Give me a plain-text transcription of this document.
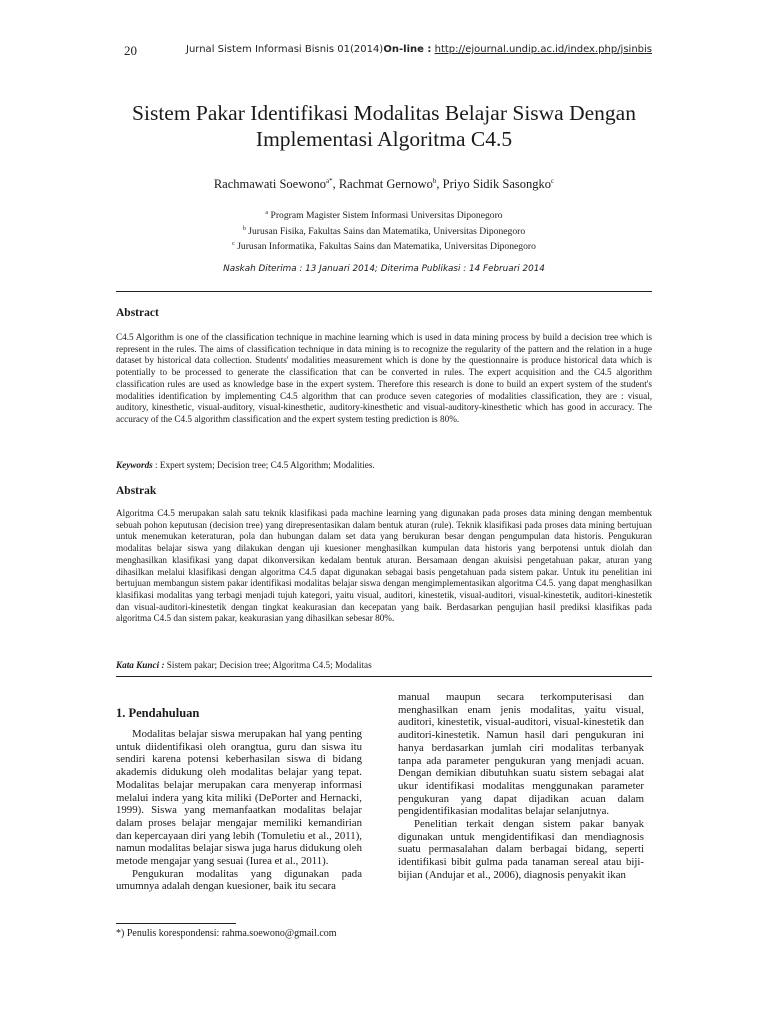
20	Jurnal Sistem Informasi Bisnis 01(2014) On-line : http://ejournal.undip.ac.id/index.php/jsinbis
Sistem Pakar Identifikasi Modalitas Belajar Siswa Dengan
Implementasi Algoritma C4.5
Rachmawati Soewono$^{a*}$, Rachmat Gernowo$^b$, Priyo Sidik Sasongko$^c$
$^a$ Program Magister Sistem Informasi Universitas Diponegoro
$^b$ Jurusan Fisika, Fakultas Sains dan Matematika, Universitas Diponegoro
$^c$ Jurusan Informatika, Fakultas Sains dan Matematika, Universitas Diponegoro
Naskah Diterima : 13 Januari 2014; Diterima Publikasi : 14 Februari 2014
Abstract
C4.5 Algorithm is one of the classification technique in machine learning which is used in data mining process by build a decision tree which is represent in the rules. The aims of classification technique in data mining is to recognize the regularity of the pattern and the relation in a huge dataset by historical data collection. Students' modalities measurement which is done by the questionnaire is produce historical data which is potentially to be processed to generate the classification that can be converted in rules. The expert acquisition and the C4.5 algorithm classification rules are used as knowledge base in the expert system. Therefore this research is done to build an expert system of the student's modalities identification by implementing C4.5 algorithm that can produce seven categories of modalities classification, they are : visual, auditory, kinesthetic, visual-auditory, visual-kinesthetic, auditory-kinesthetic and visual-auditory-kinesthetic which has good in accuracy. The accuracy of the C4.5 algorithm classification and the expert system testing prediction is 80%.
Keywords : Expert system; Decision tree; C4.5 Algorithm; Modalities.
Abstrak
Algoritma C4.5 merupakan salah satu teknik klasifikasi pada machine learning yang digunakan pada proses data mining dengan membentuk sebuah pohon keputusan (decision tree) yang direpresentasikan dalam bentuk aturan (rule). Teknik klasifikasi pada proses data mining bertujuan untuk menemukan keteraturan, pola dan hubungan dalam set data yang berukuran besar dengan pengumpulan data historis. Pengukuran modalitas belajar siswa yang dilakukan dengan uji kuesioner menghasilkan kumpulan data historis yang berpotensi untuk diolah dan menghasilkan klasifikasi yang dapat dikonversikan kedalam bentuk aturan. Bersamaan dengan akuisisi pengetahuan pakar, aturan yang dihasilkan melalui klasifikasi dengan algoritma C4.5 dapat digunakan sebagai basis pengetahuan pada sistem pakar. Untuk itu penelitian ini bertujuan membangun sistem pakar identifikasi modalitas belajar siswa dengan mengimplementasikan algoritma C4.5. yang dapat menghasilkan klasifikasi modalitas yang terbagi menjadi tujuh kategori, yaitu visual, auditori, kinestetik, visual-auditori, visual-kinestetik, auditori-kinestetik dan visual-auditori-kinestetik dengan tingkat keakurasian dan kecepatan yang baik. Berdasarkan pengujian hasil prediksi klasifikas pada algoritma C4.5 dan sistem pakar, keakurasian yang dihasilkan sebesar 80%.
Kata Kunci : Sistem pakar; Decision tree; Algoritma C4.5; Modalitas
1. Pendahuluan

Modalitas belajar siswa merupakan hal yang penting untuk diidentifikasi oleh orangtua, guru dan siswa itu sendiri karena potensi keberhasilan siswa di bidang akademis didukung oleh modalitas belajar yang tepat. Modalitas belajar merupakan cara menyerap informasi melalui indera yang kita miliki (DePorter and Hernacki, 1999). Siswa yang memanfaatkan modalitas belajar dalam proses belajar mengajar memiliki kemandirian dan kepercayaan diri yang lebih (Tomuletiu et al., 2011), namun modalitas belajar siswa juga harus didukung oleh metode mengajar yang sesuai (Iurea et al., 2011).

Pengukuran modalitas yang digunakan pada umumnya adalah dengan kuesioner, baik itu secara

manual maupun secara terkomputerisasi dan menghasilkan enam jenis modalitas, yaitu visual, auditori, kinestetik, visual-auditori, visual-kinestetik dan auditori-kinestetik. Namun hasil dari pengukuran ini hanya berdasarkan jumlah ciri modalitas terbanyak tanpa ada parameter pengukuran yang menjadi acuan. Dengan demikian dibutuhkan suatu sistem sebagai alat ukur identifikasi modalitas menggunakan parameter pengukuran yang dapat dijadikan acuan dalam pengidentifikasian modalitas belajar selanjutnya.

Penelitian terkait dengan sistem pakar banyak digunakan untuk mengidentifikasi dan mendiagnosis suatu permasalahan dalam berbagai bidang, seperti identifikasi bibit gulma pada tanaman sereal atau biji-bijian (Andujar et al., 2006), diagnosis penyakit ikan

*) Penulis korespondensi: rahma.soewono@gmail.com
